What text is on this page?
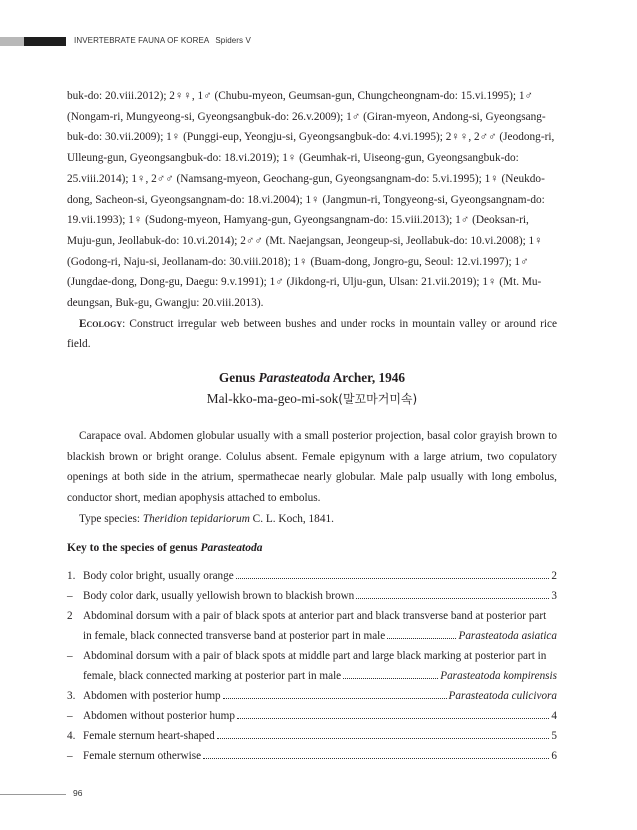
INVERTEBRATE FAUNA OF KOREA Spiders V
buk-do: 20.viii.2012); 2♀♀, 1♂ (Chubu-myeon, Geumsan-gun, Chungcheongnam-do: 15.vi.1995); 1♂
(Nongam-ri, Mungyeong-si, Gyeongsangbuk-do: 26.v.2009); 1♂ (Giran-myeon, Andong-si, Gyeongsang-
buk-do: 30.vii.2009); 1♀ (Punggi-eup, Yeongju-si, Gyeongsangbuk-do: 4.vi.1995); 2♀♀, 2♂♂ (Jeodong-ri,
Ulleung-gun, Gyeongsangbuk-do: 18.vi.2019); 1♀ (Geumhak-ri, Uiseong-gun, Gyeongsangbuk-do:
25.viii.2014); 1♀, 2♂♂ (Namsang-myeon, Geochang-gun, Gyeongsangnam-do: 5.vi.1995); 1♀ (Neukdo-
dong, Sacheon-si, Gyeongsangnam-do: 18.vi.2004); 1♀ (Jangmun-ri, Tongyeong-si, Gyeongsangnam-do:
19.vii.1993); 1♀ (Sudong-myeon, Hamyang-gun, Gyeongsangnam-do: 15.viii.2013); 1♂ (Deoksan-ri,
Muju-gun, Jeollabuk-do: 10.vi.2014); 2♂♂ (Mt. Naejangsan, Jeongeup-si, Jeollabuk-do: 10.vi.2008); 1♀
(Godong-ri, Naju-si, Jeollanam-do: 30.viii.2018); 1♀ (Buam-dong, Jongro-gu, Seoul: 12.vi.1997); 1♂
(Jungdae-dong, Dong-gu, Daegu: 9.v.1991); 1♂ (Jikdong-ri, Ulju-gun, Ulsan: 21.vii.2019); 1♀ (Mt. Mu-
deungsan, Buk-gu, Gwangju: 20.viii.2013).

Ecology: Construct irregular web between bushes and under rocks in mountain valley or around rice field.

Genus Parasteatoda Archer, 1946
Mal-kko-ma-geo-mi-sok(말꼬마거미속)

Carapace oval. Abdomen globular usually with a small posterior projection, basal color grayish brown to blackish brown or bright orange. Colulus absent. Female epigynum with a large atrium, two copulatory openings at both side in the atrium, spermathecae nearly globular. Male palp usually with long embolus, conductor short, median apophysis attached to embolus.

Type species: Theridion tepidariorum C. L. Koch, 1841.

Key to the species of genus Parasteatoda
1. Body color bright, usually orange	2
– Body color dark, usually yellowish brown to blackish brown	3
2 Abdominal dorsum with a pair of black spots at anterior part and black transverse band at posterior part
in female, black connected transverse band at posterior part in male	Parasteatoda asiatica
– Abdominal dorsum with a pair of black spots at middle part and large black marking at posterior part in
female, black connected marking at posterior part in male	Parasteatoda kompirensis
3. Abdomen with posterior hump	Parasteatoda culicivora
– Abdomen without posterior hump	4
4. Female sternum heart-shaped	5
– Female sternum otherwise	6
96
